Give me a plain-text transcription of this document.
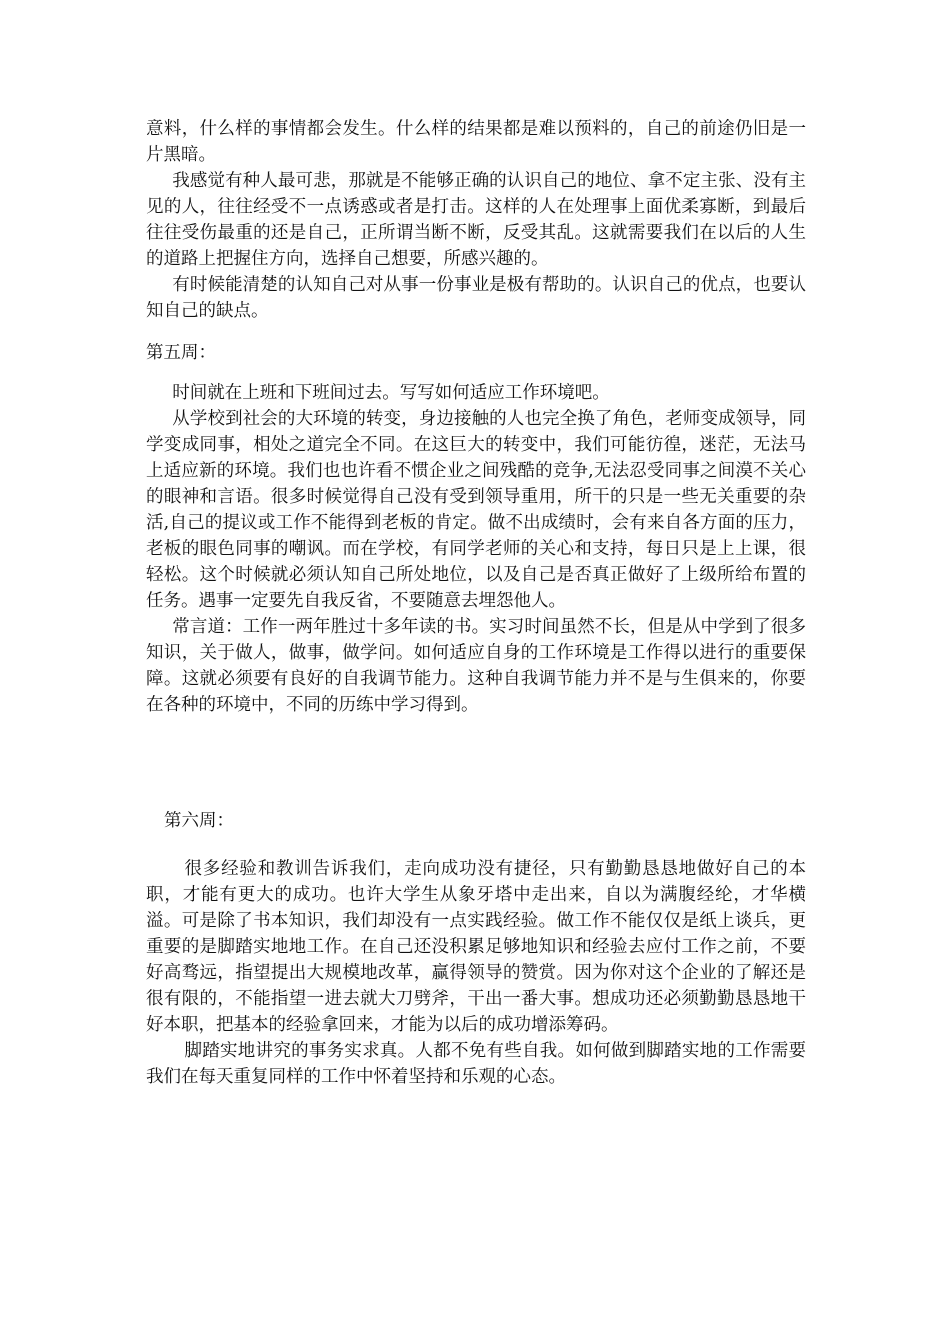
意料，什么样的事情都会发生。什么样的结果都是难以预料的，自己的前途仍旧是一片黑暗。

我感觉有种人最可悲，那就是不能够正确的认识自己的地位、拿不定主张、没有主见的人，往往经受不一点诱惑或者是打击。这样的人在处理事上面优柔寡断，到最后往往受伤最重的还是自己，正所谓当断不断，反受其乱。这就需要我们在以后的人生的道路上把握住方向，选择自己想要，所感兴趣的。

有时候能清楚的认知自己对从事一份事业是极有帮助的。认识自己的优点，也要认知自己的缺点。

第五周：

时间就在上班和下班间过去。写写如何适应工作环境吧。

从学校到社会的大环境的转变，身边接触的人也完全换了角色，老师变成领导，同学变成同事，相处之道完全不同。在这巨大的转变中，我们可能彷徨，迷茫，无法马上适应新的环境。我们也也许看不惯企业之间残酷的竞争,无法忍受同事之间漠不关心的眼神和言语。很多时候觉得自己没有受到领导重用，所干的只是一些无关重要的杂活,自己的提议或工作不能得到老板的肯定。做不出成绩时，会有来自各方面的压力，老板的眼色同事的嘲讽。而在学校，有同学老师的关心和支持，每日只是上上课，很轻松。这个时候就必须认知自己所处地位，以及自己是否真正做好了上级所给布置的任务。遇事一定要先自我反省，不要随意去埋怨他人。

常言道：工作一两年胜过十多年读的书。实习时间虽然不长，但是从中学到了很多知识，关于做人，做事，做学问。如何适应自身的工作环境是工作得以进行的重要保障。这就必须要有良好的自我调节能力。这种自我调节能力并不是与生俱来的，你要在各种的环境中，不同的历练中学习得到。

第六周：

很多经验和教训告诉我们，走向成功没有捷径，只有勤勤恳恳地做好自己的本职，才能有更大的成功。也许大学生从象牙塔中走出来，自以为满腹经纶，才华横溢。可是除了书本知识，我们却没有一点实践经验。做工作不能仅仅是纸上谈兵，更重要的是脚踏实地地工作。在自己还没积累足够地知识和经验去应付工作之前，不要好高骛远，指望提出大规模地改革，赢得领导的赞赏。因为你对这个企业的了解还是很有限的，不能指望一进去就大刀劈斧，干出一番大事。想成功还必须勤勤恳恳地干好本职，把基本的经验拿回来，才能为以后的成功增添筹码。

脚踏实地讲究的事务实求真。人都不免有些自我。如何做到脚踏实地的工作需要我们在每天重复同样的工作中怀着坚持和乐观的心态。
